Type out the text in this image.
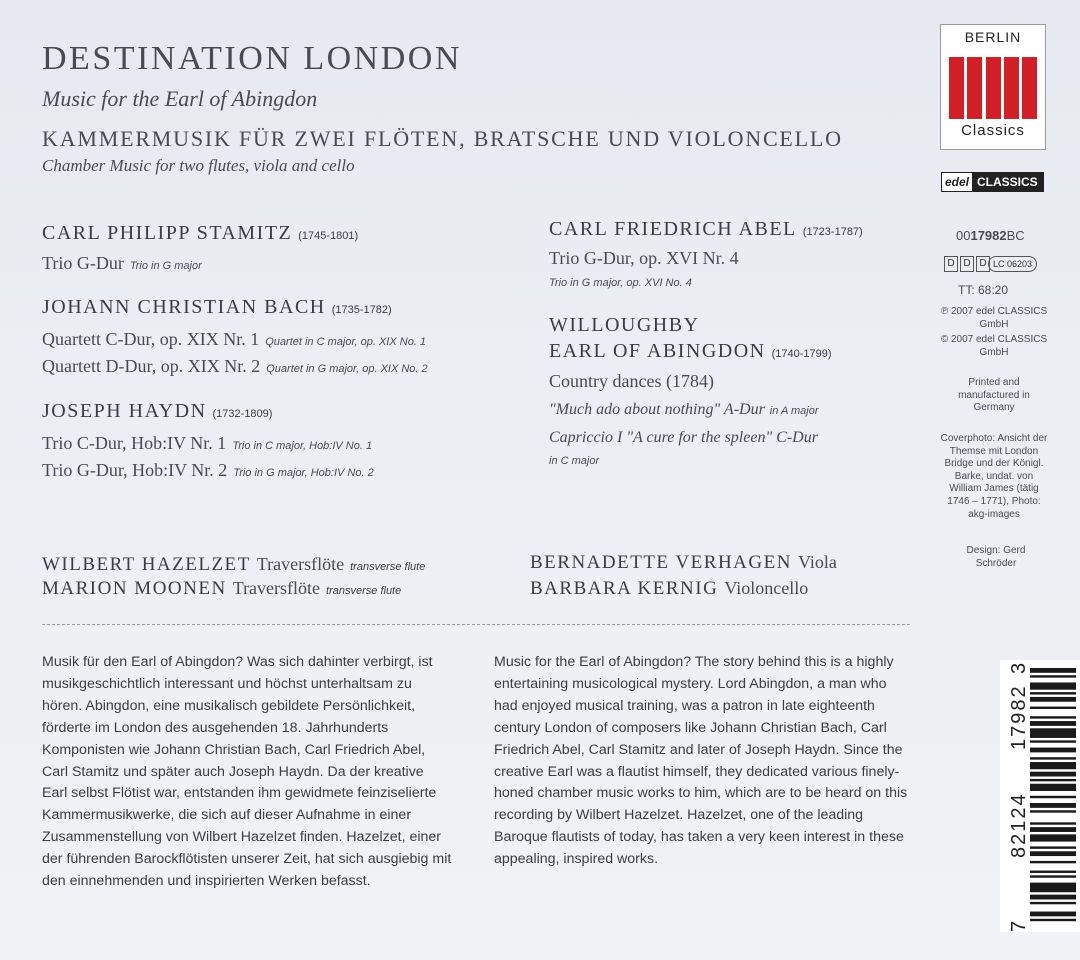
DESTINATION LONDON
Music for the Earl of Abingdon
KAMMERMUSIK FÜR ZWEI FLÖTEN, BRATSCHE UND VIOLONCELLO
Chamber Music for two flutes, viola and cello
CARL PHILIPP STAMITZ (1745-1801)
Trio G-Dur Trio in G major
JOHANN CHRISTIAN BACH (1735-1782)
Quartett C-Dur, op. XIX Nr. 1 Quartet in C major, op. XIX No. 1
Quartett D-Dur, op. XIX Nr. 2 Quartet in G major, op. XIX No. 2
JOSEPH HAYDN (1732-1809)
Trio C-Dur, Hob:IV Nr. 1 Trio in C major, Hob:IV No. 1
Trio G-Dur, Hob:IV Nr. 2 Trio in G major, Hob:IV No. 2
CARL FRIEDRICH ABEL (1723-1787)
Trio G-Dur, op. XVI Nr. 4
Trio in G major, op. XVI No. 4
WILLOUGHBY
EARL OF ABINGDON (1740-1799)
Country dances (1784)
"Much ado about nothing" A-Dur in A major
Capriccio I "A cure for the spleen" C-Dur
in C major
WILBERT HAZELZET Traversflöte transverse flute
MARION MOONEN Traversflöte transverse flute
BERNADETTE VERHAGEN Viola
BARBARA KERNIG Violoncello
Musik für den Earl of Abingdon? Was sich dahinter verbirgt, ist musikgeschichtlich interessant und höchst unterhaltsam zu hören. Abingdon, eine musikalisch gebildete Persönlichkeit, förderte im London des ausgehenden 18. Jahrhunderts Komponisten wie Johann Christian Bach, Carl Friedrich Abel, Carl Stamitz und später auch Joseph Haydn. Da der kreative Earl selbst Flötist war, entstanden ihm gewidmete feinziselierte Kammermusikwerke, die sich auf dieser Aufnahme in einer Zusammenstellung von Wilbert Hazelzet finden. Hazelzet, einer der führenden Barockflötisten unserer Zeit, hat sich ausgiebig mit den einnehmenden und inspirierten Werken befasst.
Music for the Earl of Abingdon? The story behind this is a highly entertaining musicological mystery. Lord Abingdon, a man who had enjoyed musical training, was a patron in late eighteenth century London of composers like Johann Christian Bach, Carl Friedrich Abel, Carl Stamitz and later of Joseph Haydn. Since the creative Earl was a flautist himself, they dedicated various finely-honed chamber music works to him, which are to be heard on this recording by Wilbert Hazelzet. Hazelzet, one of the leading Baroque flautists of today, has taken a very keen interest in these appealing, inspired works.
BERLIN
Classics
edel CLASSICS
0017982BC
D D D LC 06203
TT: 68:20
℗ 2007 edel CLASSICS GmbH
© 2007 edel CLASSICS GmbH
Printed and manufactured in Germany
Coverphoto: Ansicht der Themse mit London Bridge und der Königl. Barke, undat. von William James (tätig 1746 – 1771), Photo: akg-images
Design: Gerd Schröder
7
82124
17982
3
